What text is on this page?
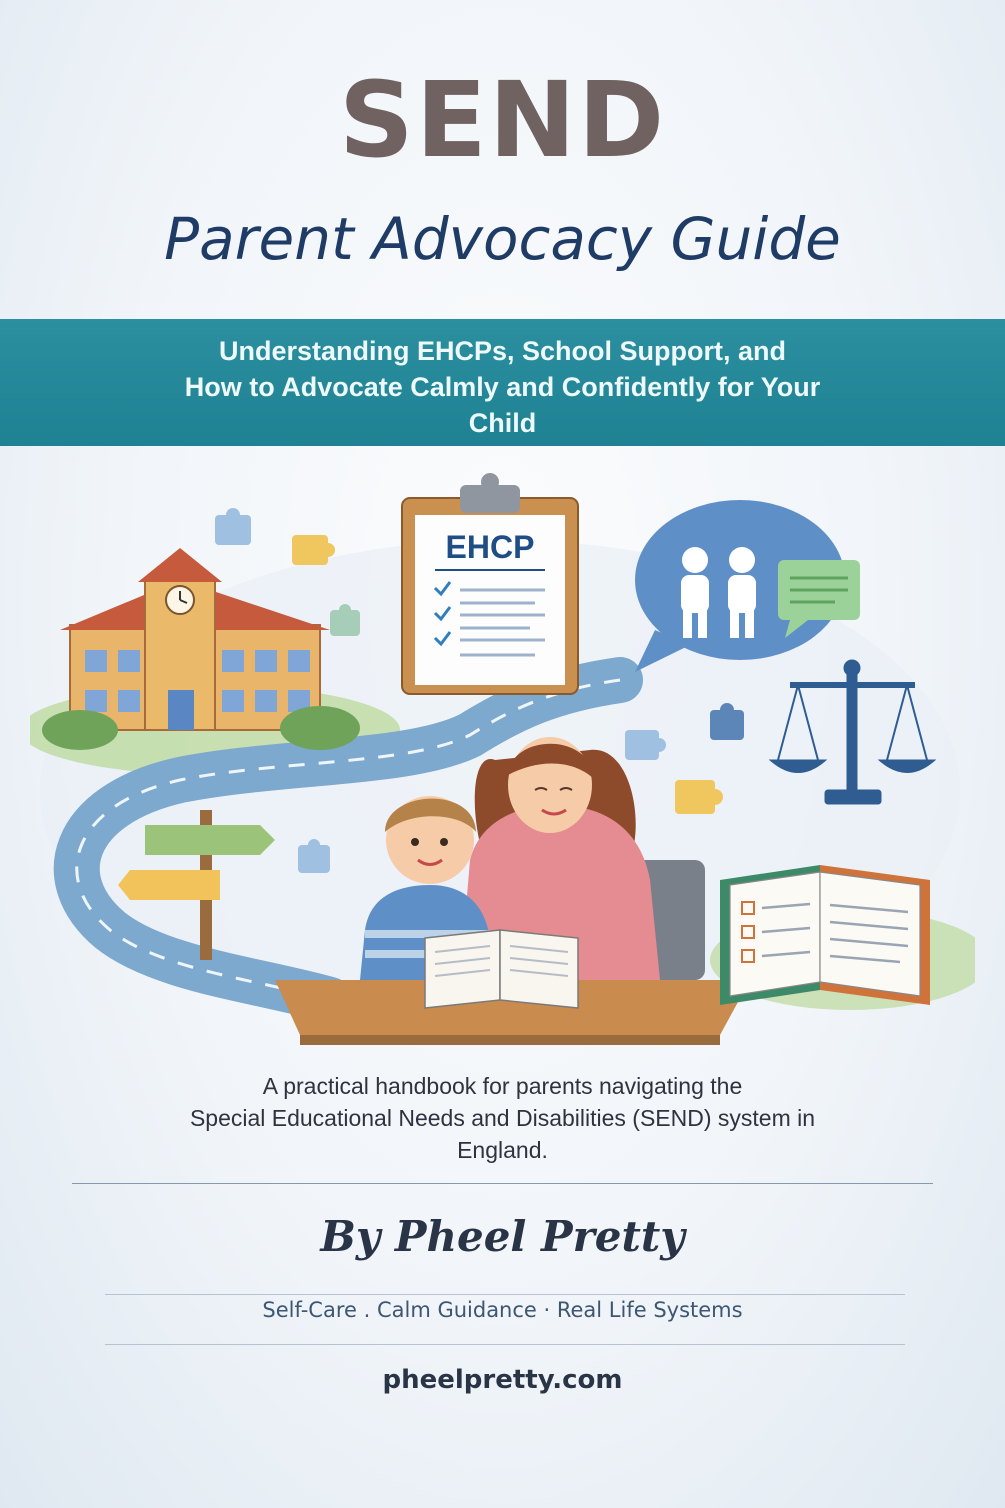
SEND
Parent Advocacy Guide
Understanding EHCPs, School Support, and
How to Advocate Calmly and Confidently for Your
Child
EHCP
A practical handbook for parents navigating the
Special Educational Needs and Disabilities (SEND) system in
England.
By Pheel Pretty
Self-Care . Calm Guidance · Real Life Systems
pheelpretty.com
